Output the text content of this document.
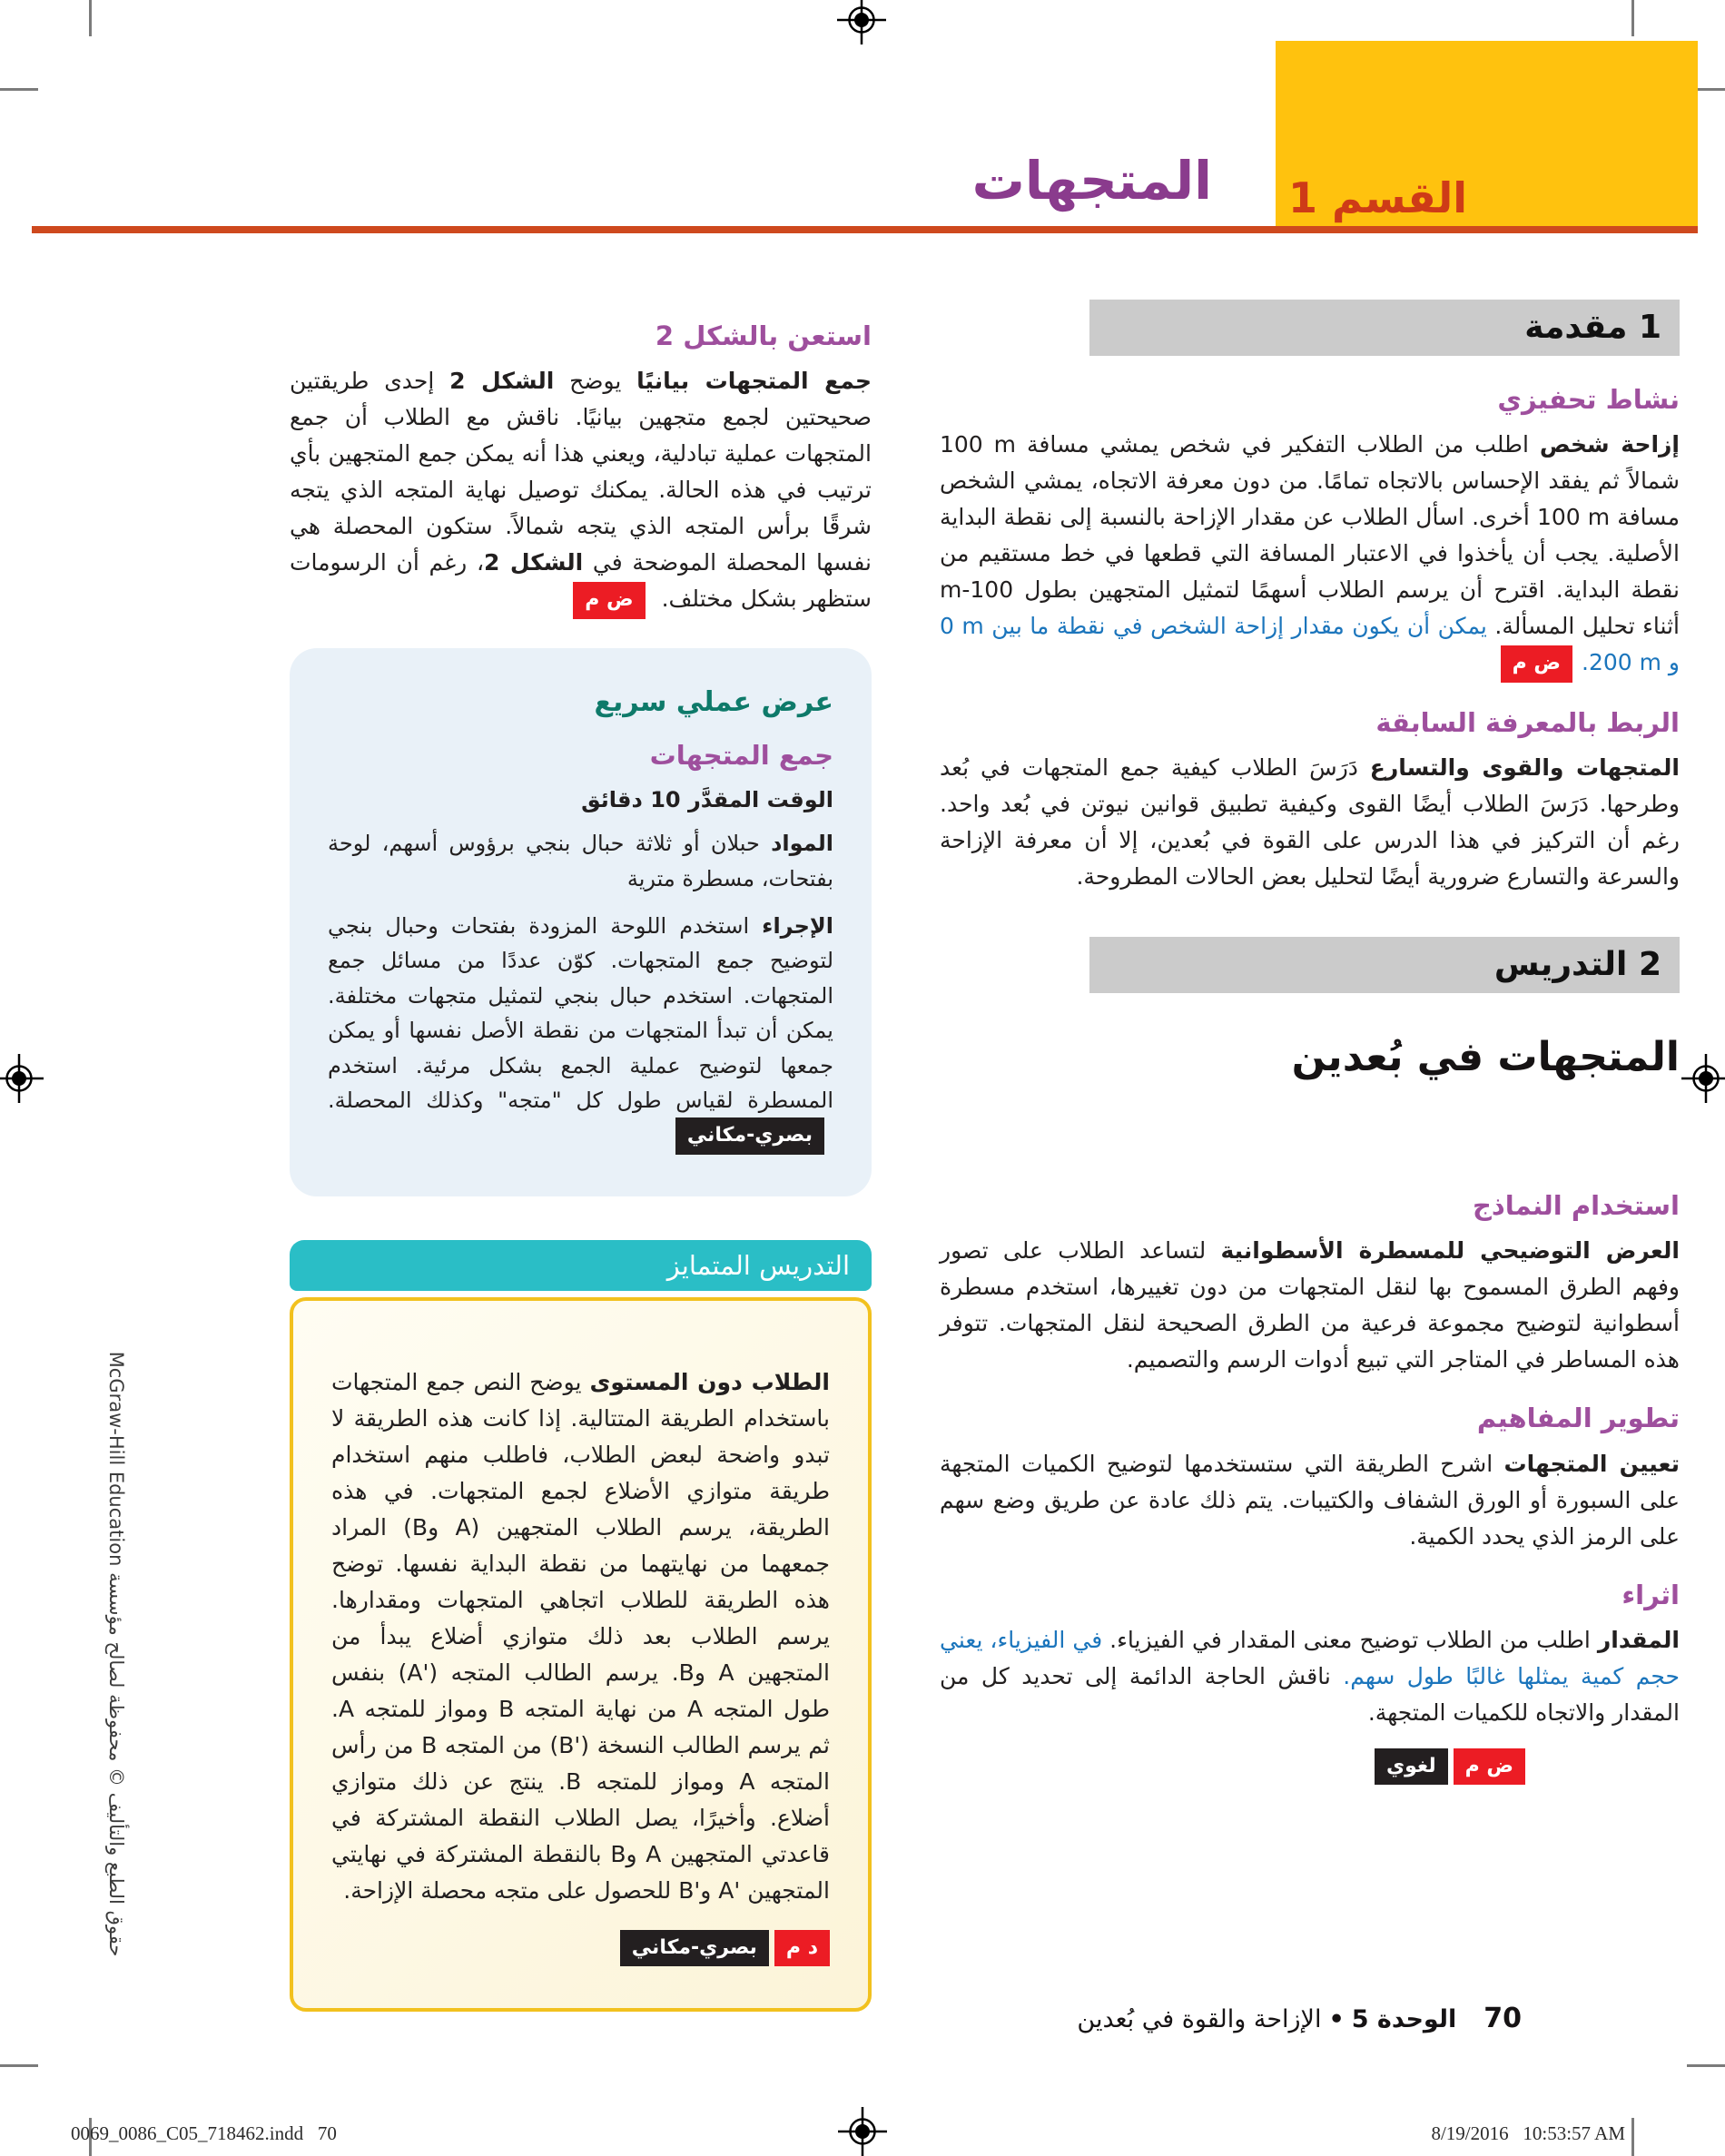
القسم 1
المتجهات
1 مقدمة
نشاط تحفيزي

إزاحة شخص اطلب من الطلاب التفكير في شخص يمشي مسافة ‎100 m‎ شمالاً ثم يفقد الإحساس بالاتجاه تمامًا. من دون معرفة الاتجاه، يمشي الشخص مسافة ‎100 m‎ أخرى. اسأل الطلاب عن مقدار الإزاحة بالنسبة إلى نقطة البداية الأصلية. يجب أن يأخذوا في الاعتبار المسافة التي قطعها في خط مستقيم من نقطة البداية. اقترح أن يرسم الطلاب أسهمًا لتمثيل المتجهين بطول 100-m أثناء تحليل المسألة. يمكن أن يكون مقدار إزاحة الشخص في نقطة ما بين ‎0 m‎ و ‎200 m‎.ض م

الربط بالمعرفة السابقة

المتجهات والقوى والتسارع دَرَسَ الطلاب كيفية جمع المتجهات في بُعد وطرحها. دَرَسَ الطلاب أيضًا القوى وكيفية تطبيق قوانين نيوتن في بُعد واحد. رغم أن التركيز في هذا الدرس على القوة في بُعدين، إلا أن معرفة الإزاحة والسرعة والتسارع ضرورية أيضًا لتحليل بعض الحالات المطروحة.

2 التدريس
المتجهات في بُعدين
استخدام النماذج

العرض التوضيحي للمسطرة الأسطوانية لتساعد الطلاب على تصور وفهم الطرق المسموح بها لنقل المتجهات من دون تغييرها، استخدم مسطرة أسطوانية لتوضيح مجموعة فرعية من الطرق الصحيحة لنقل المتجهات. تتوفر هذه المساطر في المتاجر التي تبيع أدوات الرسم والتصميم.

تطوير المفاهيم

تعيين المتجهات اشرح الطريقة التي ستستخدمها لتوضيح الكميات المتجهة على السبورة أو الورق الشفاف والكتيبات. يتم ذلك عادة عن طريق وضع سهم على الرمز الذي يحدد الكمية.

اثراء

المقدار اطلب من الطلاب توضيح معنى المقدار في الفيزياء. في الفيزياء، يعني حجم كمية يمثلها غالبًا طول سهم. ناقش الحاجة الدائمة إلى تحديد كل من المقدار والاتجاه للكميات المتجهة.

ض ملغوي
استعن بالشكل 2

جمع المتجهات بيانيًا يوضح الشكل 2 إحدى طريقتين صحيحتين لجمع متجهين بيانيًا. ناقش مع الطلاب أن جمع المتجهات عملية تبادلية، ويعني هذا أنه يمكن جمع المتجهين بأي ترتيب في هذه الحالة. يمكنك توصيل نهاية المتجه الذي يتجه شرقًا برأس المتجه الذي يتجه شمالاً. ستكون المحصلة هي نفسها المحصلة الموضحة في الشكل 2، رغم أن الرسومات ستظهر بشكل مختلف. ض م

عرض عملي سريع
جمع المتجهات
الوقت المقدَّر 10 دقائق

المواد حبلان أو ثلاثة حبال بنجي برؤوس أسهم، لوحة بفتحات، مسطرة مترية

الإجراء استخدم اللوحة المزودة بفتحات وحبال بنجي لتوضيح جمع المتجهات. كوّن عددًا من مسائل جمع المتجهات. استخدم حبال بنجي لتمثيل متجهات مختلفة. يمكن أن تبدأ المتجهات من نقطة الأصل نفسها أو يمكن جمعها لتوضيح عملية الجمع بشكل مرئية. استخدم المسطرة لقياس طول كل "متجه" وكذلك المحصلة. بصري-مكاني

التدريس المتمايز

الطلاب دون المستوى يوضح النص جمع المتجهات باستخدام الطريقة المتتالية. إذا كانت هذه الطريقة لا تبدو واضحة لبعض الطلاب، فاطلب منهم استخدام طريقة متوازي الأضلاع لجمع المتجهات. في هذه الطريقة، يرسم الطلاب المتجهين (A وB) المراد جمعهما من نهايتهما من نقطة البداية نفسها. توضح هذه الطريقة للطلاب اتجاهي المتجهات ومقدارها. يرسم الطلاب بعد ذلك متوازي أضلاع يبدأ من المتجهين A وB. يرسم الطالب المتجه ('A) بنفس طول المتجه A من نهاية المتجه B ومواز للمتجه A. ثم يرسم الطالب النسخة ('B) من المتجه B من رأس المتجه A ومواز للمتجه B. ينتج عن ذلك متوازي أضلاع. وأخيرًا، يصل الطلاب النقطة المشتركة في قاعدتي المتجهين A وB بالنقطة المشتركة في نهايتي المتجهين 'A و'B للحصول على متجه محصلة الإزاحة.

د مبصري-مكاني
حقوق الطبع والتأليف © محفوظة لصالح مؤسسة McGraw-Hill Education
70الوحدة 5•الإزاحة والقوة في بُعدين
0069_0086_C05_718462.indd   70	8/19/2016   10:53:57 AM
